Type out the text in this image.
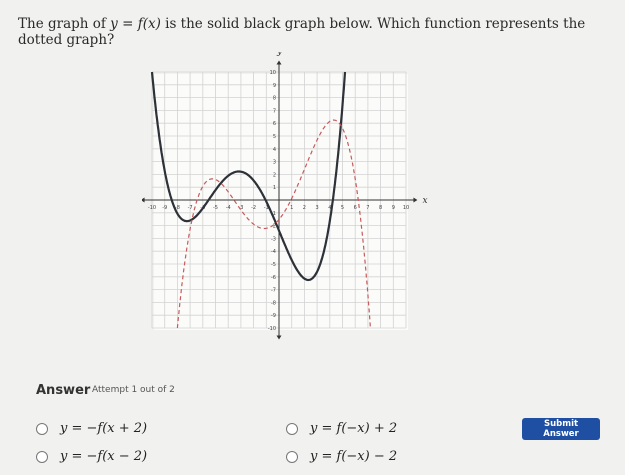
The graph of y = f(x) is the solid black graph below. Which function represents the dotted graph?
-10 -9 -8 -7 -6 -5 -4 -3 -2 -1	1 2 3 4 5 6 7 8 9 10
10
9
8
7
6
5
4
3
2
1
-1
-2
-3
-4
-5
-6
-7
-8
-9
-10
x
y
Answer Attempt 1 out of 2
y = −f(x + 2)	y = f(−x) + 2
y = −f(x − 2)	y = f(−x) − 2
Submit Answer
